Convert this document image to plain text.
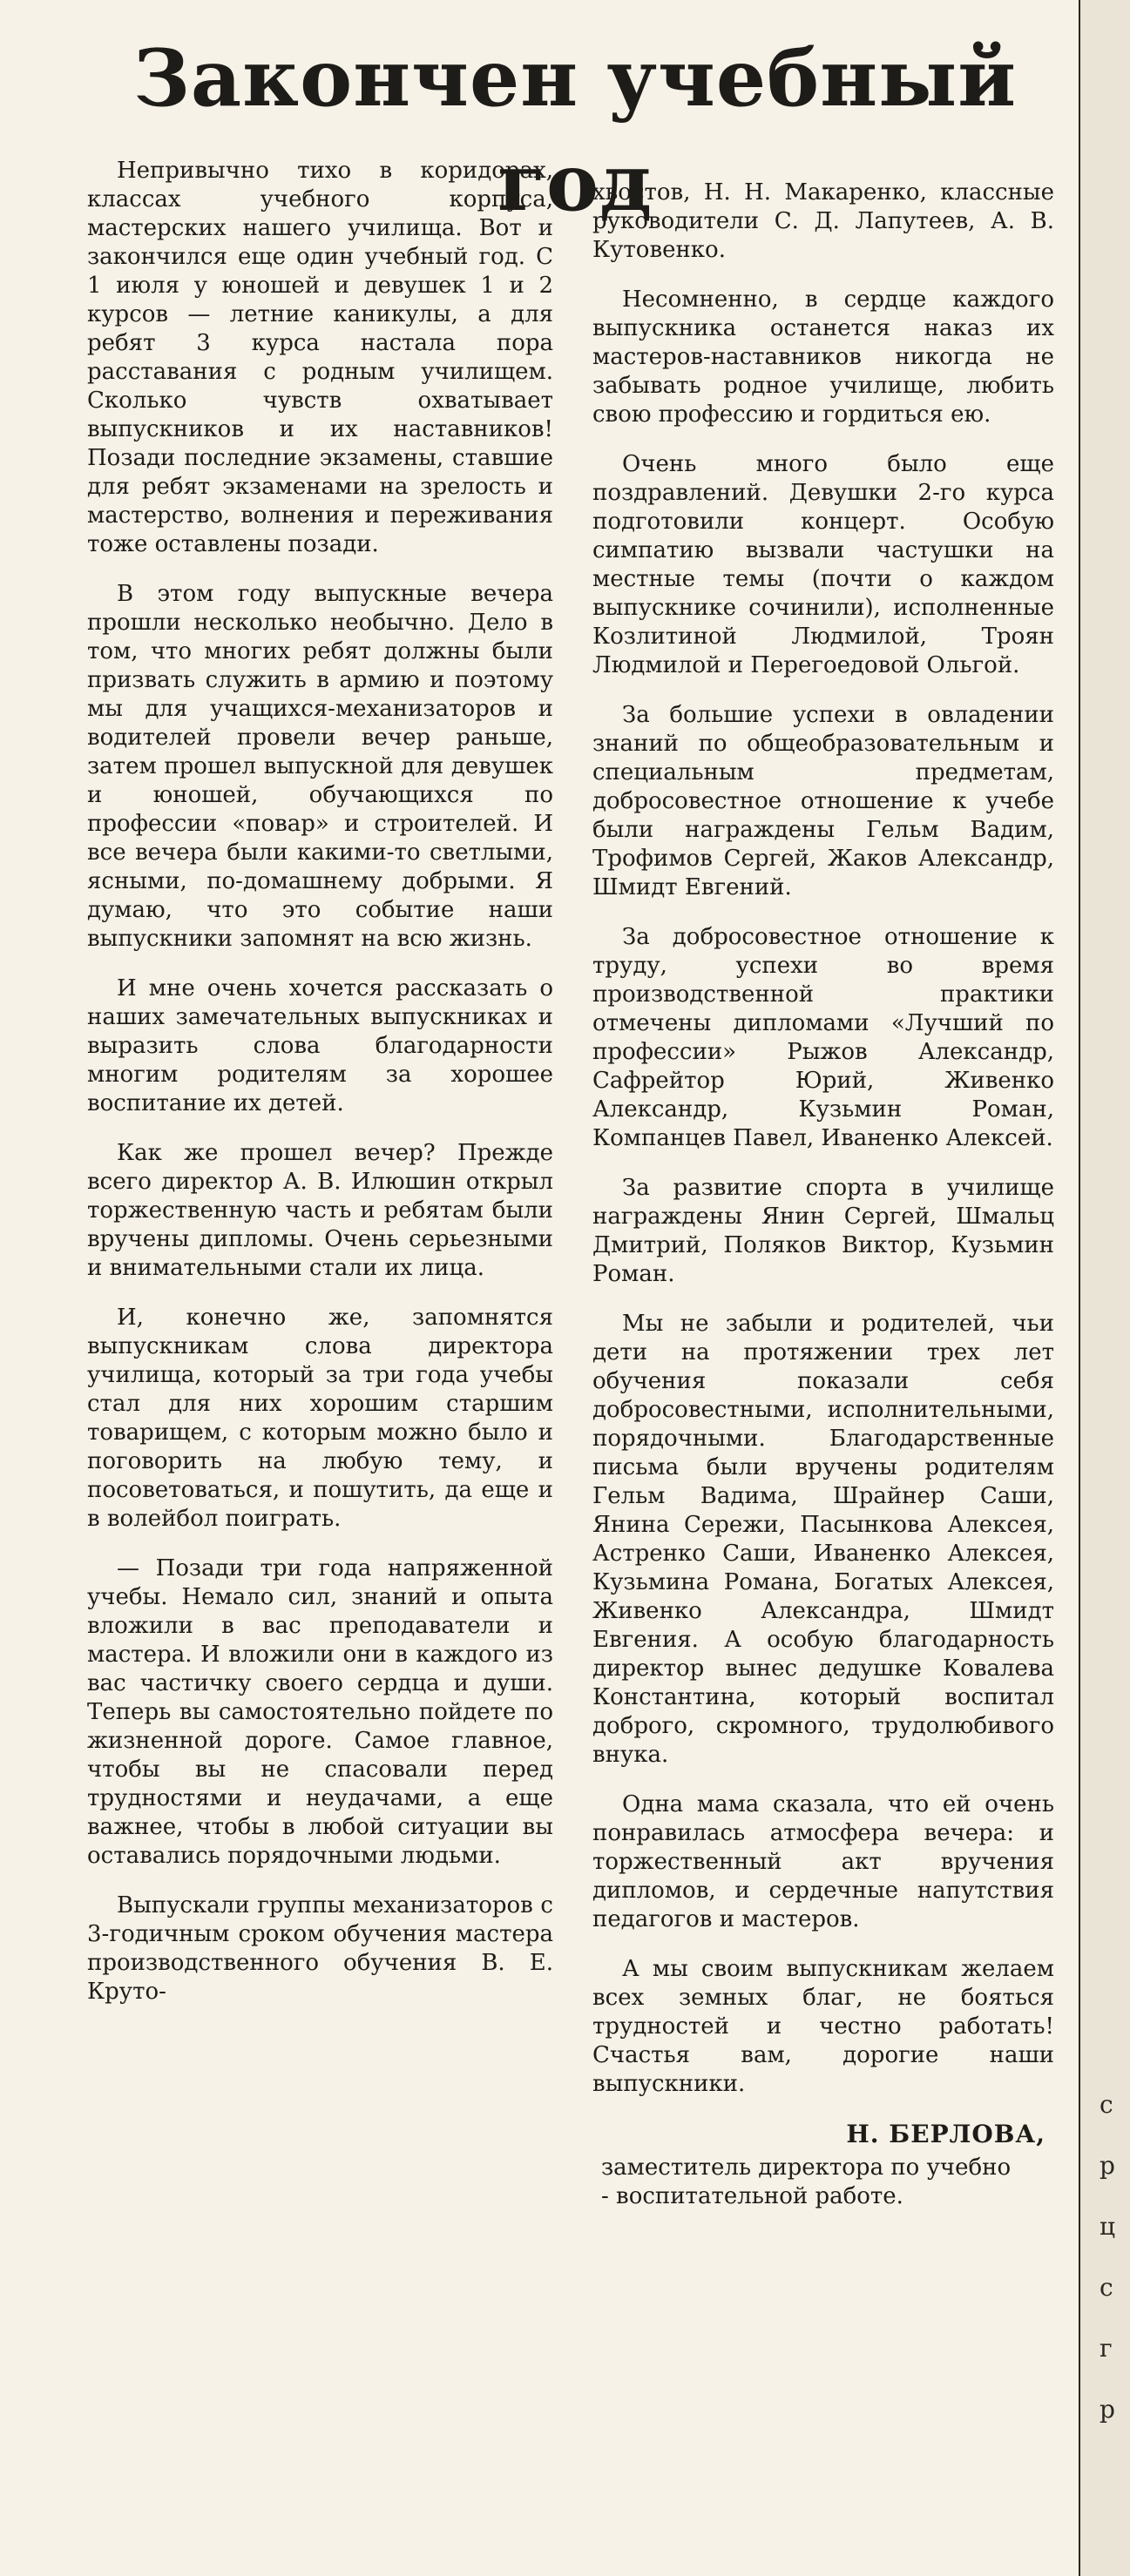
с
р
ц
с
г
р
Закончен учебный год

Непривычно тихо в коридорах, классах учебного корпуса, мастерских нашего училища. Вот и закончился еще один учебный год. С 1 июля у юношей и девушек 1 и 2 курсов — летние каникулы, а для ребят 3 курса настала пора расставания с родным училищем. Сколько чувств охватывает выпускников и их наставников! Позади последние экзамены, ставшие для ребят экзаменами на зрелость и мастерство, волнения и переживания тоже оставлены позади.

В этом году выпускные вечера прошли несколько необычно. Дело в том, что многих ребят должны были призвать служить в армию и поэтому мы для учащихся-механизаторов и водителей провели вечер раньше, затем прошел выпускной для девушек и юношей, обучающихся по профессии «повар» и строителей. И все вечера были какими-то светлыми, ясными, по-домашнему добрыми. Я думаю, что это событие наши выпускники запомнят на всю жизнь.

И мне очень хочется рассказать о наших замечательных выпускниках и выразить слова благодарности многим родителям за хорошее воспитание их детей.

Как же прошел вечер? Прежде всего директор А. В. Илюшин открыл торжественную часть и ребятам были вручены дипломы. Очень серьезными и внимательными стали их лица.

И, конечно же, запомнятся выпускникам слова директора училища, который за три года учебы стал для них хорошим старшим товарищем, с которым можно было и поговорить на любую тему, и посоветоваться, и пошутить, да еще и в волейбол поиграть.

— Позади три года напряженной учебы. Немало сил, знаний и опыта вложили в вас преподаватели и мастера. И вложили они в каждого из вас частичку своего сердца и души. Теперь вы самостоятельно пойдете по жизненной дороге. Самое главное, чтобы вы не спасовали перед трудностями и неудачами, а еще важнее, чтобы в любой ситуации вы оставались порядочными людьми.

Выпускали группы механизаторов с 3-годичным сроком обучения мастера производственного обучения В. Е. Круто-

хвостов, Н. Н. Макаренко, классные руководители С. Д. Лапутеев, А. В. Кутовенко.

Несомненно, в сердце каждого выпускника останется наказ их мастеров-наставников никогда не забывать родное училище, любить свою профессию и гордиться ею.

Очень много было еще поздравлений. Девушки 2-го курса подготовили концерт. Особую симпатию вызвали частушки на местные темы (почти о каждом выпускнике сочинили), исполненные Козлитиной Людмилой, Троян Людмилой и Перегоедовой Ольгой.

За большие успехи в овладении знаний по общеобразовательным и специальным предметам, добросовестное отношение к учебе были награждены Гельм Вадим, Трофимов Сергей, Жаков Александр, Шмидт Евгений.

За добросовестное отношение к труду, успехи во время производственной практики отмечены дипломами «Лучший по профессии» Рыжов Александр, Сафрейтор Юрий, Живенко Александр, Кузьмин Роман, Компанцев Павел, Иваненко Алексей.

За развитие спорта в училище награждены Янин Сергей, Шмальц Дмитрий, Поляков Виктор, Кузьмин Роман.

Мы не забыли и родителей, чьи дети на протяжении трех лет обучения показали себя добросовестными, исполнительными, порядочными. Благодарственные письма были вручены родителям Гельм Вадима, Шрайнер Саши, Янина Сережи, Пасынкова Алексея, Астренко Саши, Иваненко Алексея, Кузьмина Романа, Богатых Алексея, Живенко Александра, Шмидт Евгения. А особую благодарность директор вынес дедушке Ковалева Константина, который воспитал доброго, скромного, трудолюбивого внука.

Одна мама сказала, что ей очень понравилась атмосфера вечера: и торжественный акт вручения дипломов, и сердечные напутствия педагогов и мастеров.

А мы своим выпускникам желаем всех земных благ, не бояться трудностей и честно работать! Счастья вам, дорогие наши выпускники.

Н. БЕРЛОВА,
заместитель директора по учебно - воспитательной работе.
